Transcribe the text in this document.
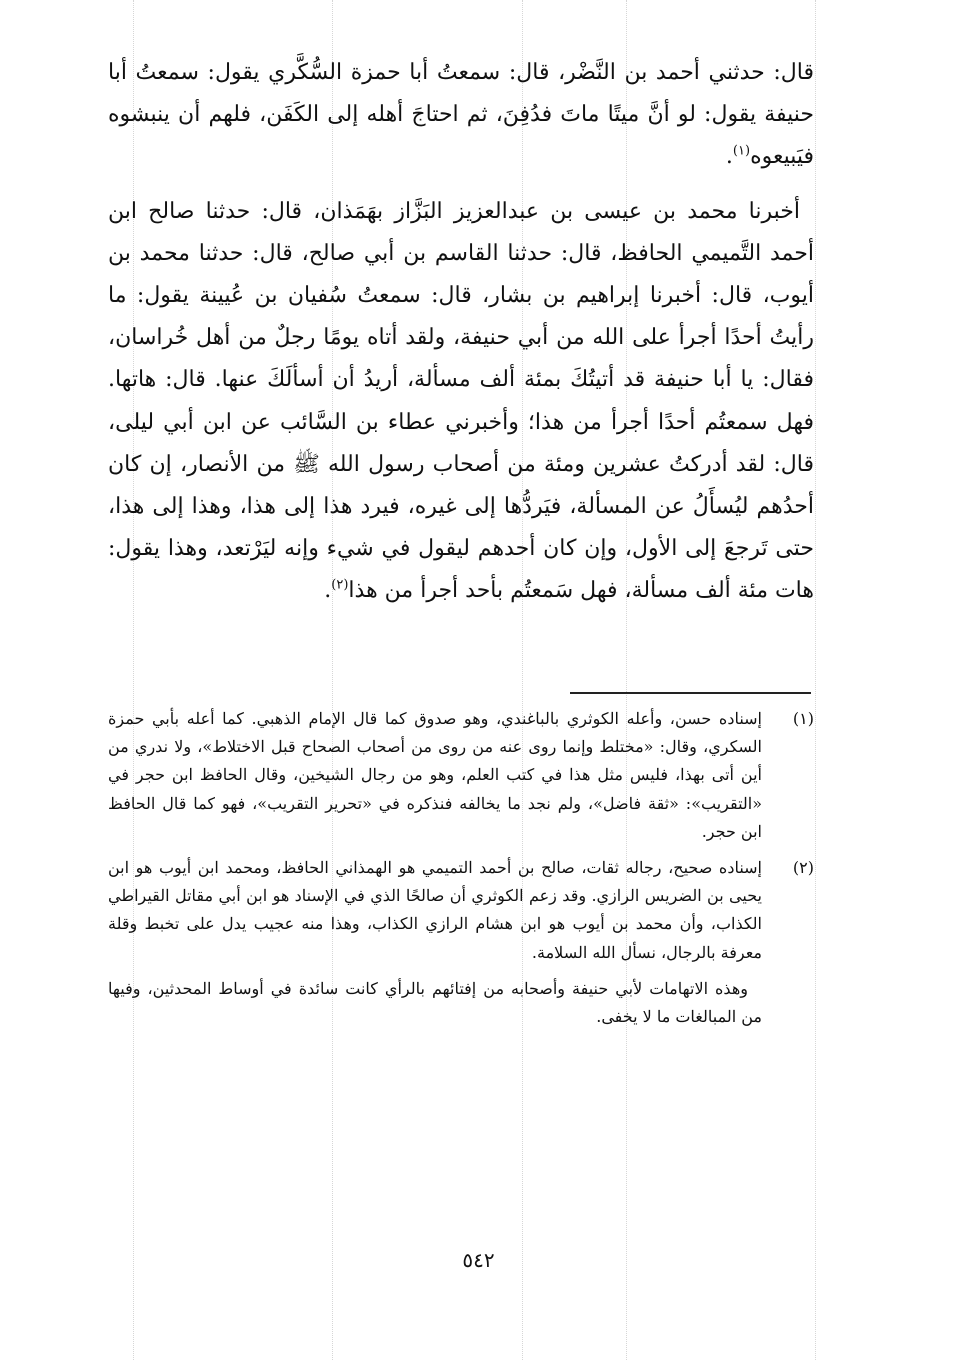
قال: حدثني أحمد بن النَّضْر، قال: سمعتُ أبا حمزة السُّكَّري يقول: سمعتُ أبا حنيفة يقول: لو أنَّ ميتًا ماتَ فدُفِنَ، ثم احتاجَ أهله إلى الكَفَن، فلهم أن ينبشوه فيَبيعوه$^{(١)}$.

أخبرنا محمد بن عيسى بن عبدالعزيز البَزَّاز بهَمَذان، قال: حدثنا صالح ابن أحمد التَّميمي الحافظ، قال: حدثنا القاسم بن أبي صالح، قال: حدثنا محمد بن أيوب، قال: أخبرنا إبراهيم بن بشار، قال: سمعتُ سُفيان بن عُيينة يقول: ما رأيتُ أحدًا أجرأ على الله من أبي حنيفة، ولقد أتاه يومًا رجلٌ من أهل خُراسان، فقال: يا أبا حنيفة قد أتيتُكَ بمئة ألف مسألة، أريدُ أن أسألَكَ عنها. قال: هاتها. فهل سمعتُم أحدًا أجرأ من هذا؛ وأخبرني عطاء بن السَّائب عن ابن أبي ليلى، قال: لقد أدركتُ عشرين ومئة من أصحاب رسول الله ﷺ من الأنصار، إن كان أحدُهم ليُسأَلُ عن المسألة، فيَردُّها إلى غيره، فيرد هذا إلى هذا، وهذا إلى هذا، حتى تَرجعَ إلى الأول، وإن كان أحدهم ليقول في شيء وإنه ليَرْتعد، وهذا يقول: هات مئة ألف مسألة، فهل سَمعتُم بأحد أجرأ من هذا$^{(٢)}$.

(١)
إسناده حسن، وأعله الكوثري بالباغندي، وهو صدوق كما قال الإمام الذهبي. كما أعله بأبي حمزة السكري، وقال: «مختلط وإنما روى عنه من روى من أصحاب الصحاح قبل الاختلاط»، ولا ندري من أين أتى بهذا، فليس مثل هذا في كتب العلم، وهو من رجال الشيخين، وقال الحافظ ابن حجر في «التقريب»: «ثقة فاضل»، ولم نجد ما يخالفه فنذكره في «تحرير التقريب»، فهو كما قال الحافظ ابن حجر.
(٢)
إسناده صحيح، رجاله ثقات، صالح بن أحمد التميمي هو الهمذاني الحافظ، ومحمد ابن أيوب هو ابن يحيى بن الضريس الرازي. وقد زعم الكوثري أن صالحًا الذي في الإسناد هو ابن أبي مقاتل القيراطي الكذاب، وأن محمد بن أيوب هو ابن هشام الرازي الكذاب، وهذا منه عجيب يدل على تخبط وقلة معرفة بالرجال، نسأل الله السلامة.
وهذه الاتهامات لأبي حنيفة وأصحابه من إفتائهم بالرأي كانت سائدة في أوساط المحدثين، وفيها من المبالغات ما لا يخفى.
٥٤٢
